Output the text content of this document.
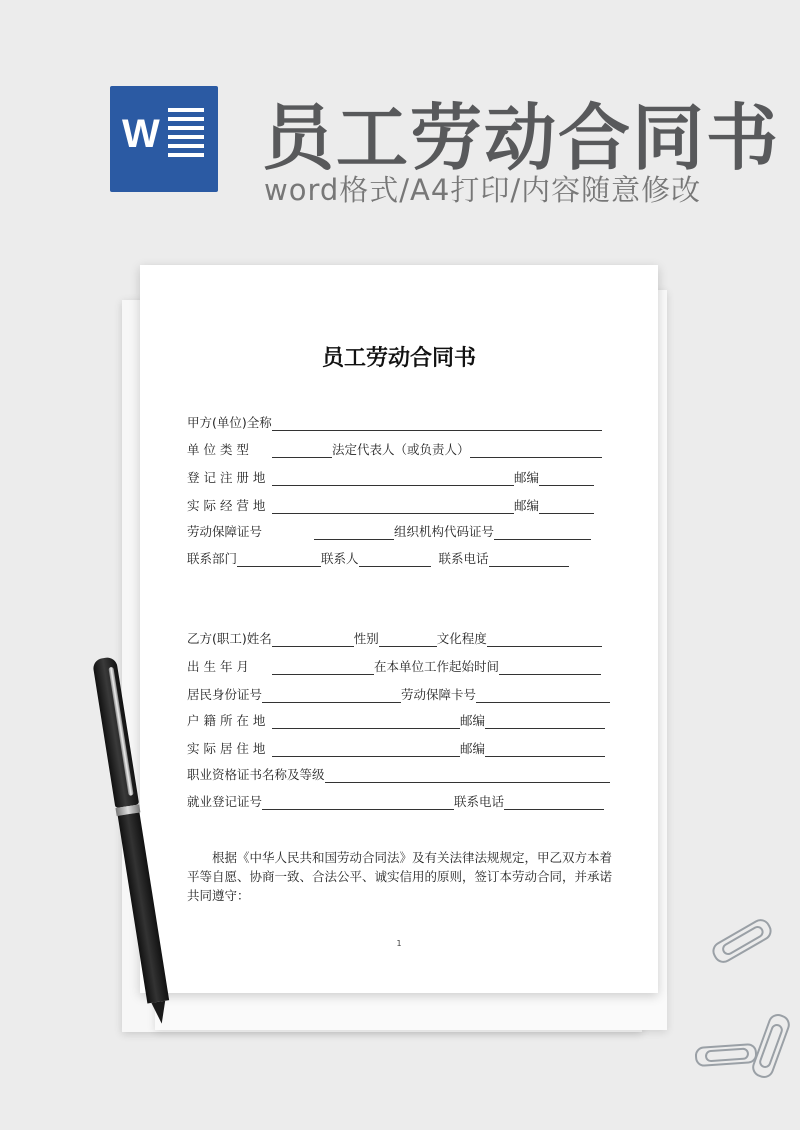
W 员工劳动合同书
word格式/A4打印/内容随意修改
员工劳动合同书
甲方(单位)全称
单 位 类 型	法定代表人（或负责人）
登 记 注 册 地	邮编
实 际 经 营 地	邮编
劳动保障证号	组织机构代码证号
联系部门	联系人	联系电话
乙方(职工)姓名	性别	文化程度
出 生 年 月	在本单位工作起始时间
居民身份证号	劳动保障卡号
户 籍 所 在 地	邮编
实 际 居 住 地	邮编
职业资格证书名称及等级
就业登记证号	联系电话
根据《中华人民共和国劳动合同法》及有关法律法规规定，甲乙双方本着平等自愿、协商一致、合法公平、诚实信用的原则，签订本劳动合同，并承诺共同遵守：
1
